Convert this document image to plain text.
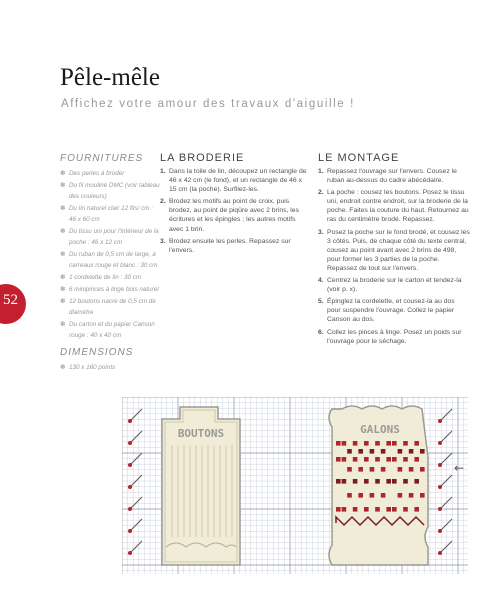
Pêle-mêle
Affichez votre amour des travaux d'aiguille !
52
FOURNITURES
✽ Des perles à broder
✽ Du fil mouliné DMC (voir tableau des couleurs)
✽ Du lin naturel clair 12 fils/ cm : 46 x 60 cm
✽ Du tissu uni pour l'intérieur de la poche : 46 x 12 cm
✽ Du ruban de 0,5 cm de large, à carreaux rouge et blanc : 30 cm
✽ 1 cordelette de lin : 30 cm
✽ 6 minipinces à linge bois naturel
✽ 12 boutons nacre de 0,5 cm de diamètre
✽ Du carton et du papier Canson rouge : 40 x 40 cm
DIMENSIONS
✽ 130 x 160 points
LA BRODERIE
1. Dans la toile de lin, découpez un rectangle de 46 x 42 cm (le fond), et un rectangle de 46 x 15 cm (la poche). Surfilez-les.
2. Brodez les motifs au point de croix, puis brodez, au point de piqûre avec 2 brins, les écritures et les épingles ; les autres motifs avec 1 brin.
3. Brodez ensuite les perles. Repassez sur l'envers.
LE MONTAGE
1. Repassez l'ouvrage sur l'envers. Cousez le ruban au-dessus du cadre abécédaire.
2. La poche : cousez les boutons. Posez le tissu uni, endroit contre endroit, sur la broderie de la poche. Faites la couture du haut. Retournez au ras du centimètre brodé. Repassez.
3. Posez la poche sur le fond brodé, et cousez les 3 côtés. Puis, de chaque côté du texte central, cousez au point avant avec 2 brins de 498, pour former les 3 parties de la poche. Repassez de tout sur l'envers.
4. Centrez la broderie sur le carton et tendez-la (voir p. x).
5. Épinglez la cordelette, et cousez-la au dos pour suspendre l'ouvrage. Collez le papier Canson au dos.
6. Collez les pinces à linge. Posez un poids sur l'ouvrage pour le séchage.
BOUTONS	GALONS
←
